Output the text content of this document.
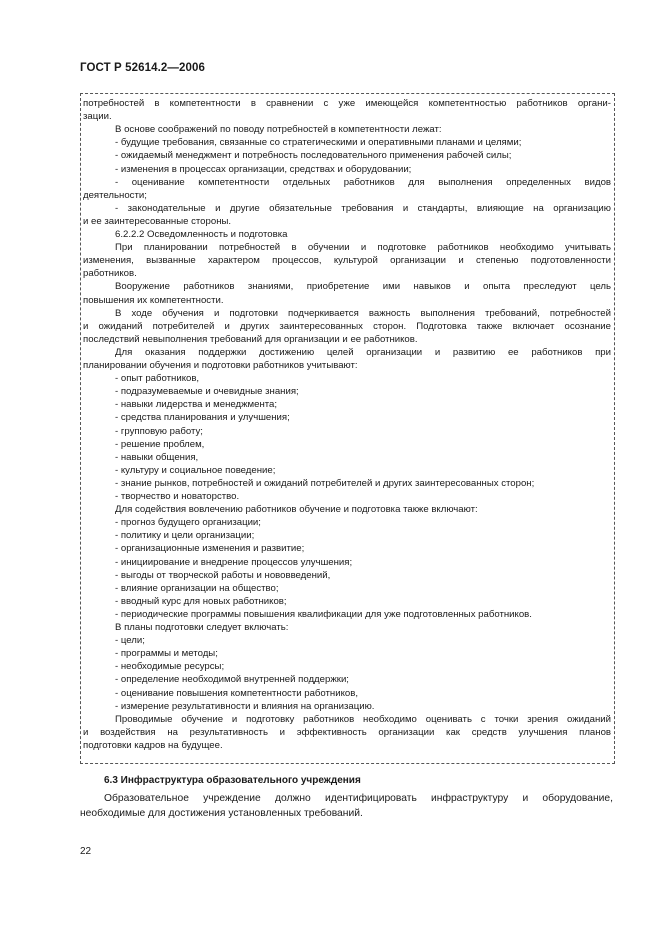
ГОСТ Р 52614.2—2006
потребностей в компетентности в сравнении с уже имеющейся компетентностью работников органи-
зации.
В основе соображений по поводу потребностей в компетентности лежат:
- будущие требования, связанные со стратегическими и оперативными планами и целями;
- ожидаемый менеджмент и потребность последовательного применения рабочей силы;
- изменения в процессах организации, средствах и оборудовании;
- оценивание компетентности отдельных работников для выполнения определенных видов
деятельности;
- законодательные и другие обязательные требования и стандарты, влияющие на организацию
и ее заинтересованные стороны.
6.2.2.2 Осведомленность и подготовка
При планировании потребностей в обучении и подготовке работников необходимо учитывать
изменения, вызванные характером процессов, культурой организации и степенью подготовленности
работников.
Вооружение работников знаниями, приобретение ими навыков и опыта преследуют цель
повышения их компетентности.
В ходе обучения и подготовки подчеркивается важность выполнения требований, потребностей
и ожиданий потребителей и других заинтересованных сторон. Подготовка также включает осознание
последствий невыполнения требований для организации и ее работников.
Для оказания поддержки достижению целей организации и развитию ее работников при
планировании обучения и подготовки работников учитывают:
- опыт работников,
- подразумеваемые и очевидные знания;
- навыки лидерства и менеджмента;
- средства планирования и улучшения;
- групповую работу;
- решение проблем,
- навыки общения,
- культуру и социальное поведение;
- знание рынков, потребностей и ожиданий потребителей и других заинтересованных сторон;
- творчество и новаторство.
Для содействия вовлечению работников обучение и подготовка также включают:
- прогноз будущего организации;
- политику и цели организации;
- организационные изменения и развитие;
- инициирование и внедрение процессов улучшения;
- выгоды от творческой работы и нововведений,
- влияние организации на общество;
- вводный курс для новых работников;
- периодические программы повышения квалификации для уже подготовленных работников.
В планы подготовки следует включать:
- цели;
- программы и методы;
- необходимые ресурсы;
- определение необходимой внутренней поддержки;
- оценивание повышения компетентности работников,
- измерение результативности и влияния на организацию.
Проводимые обучение и подготовку работников необходимо оценивать с точки зрения ожиданий
и воздействия на результативность и эффективность организации как средств улучшения планов
подготовки кадров на будущее.
6.3 Инфраструктура образовательного учреждения
Образовательное учреждение должно идентифицировать инфраструктуру и оборудование,
необходимые для достижения установленных требований.
22
